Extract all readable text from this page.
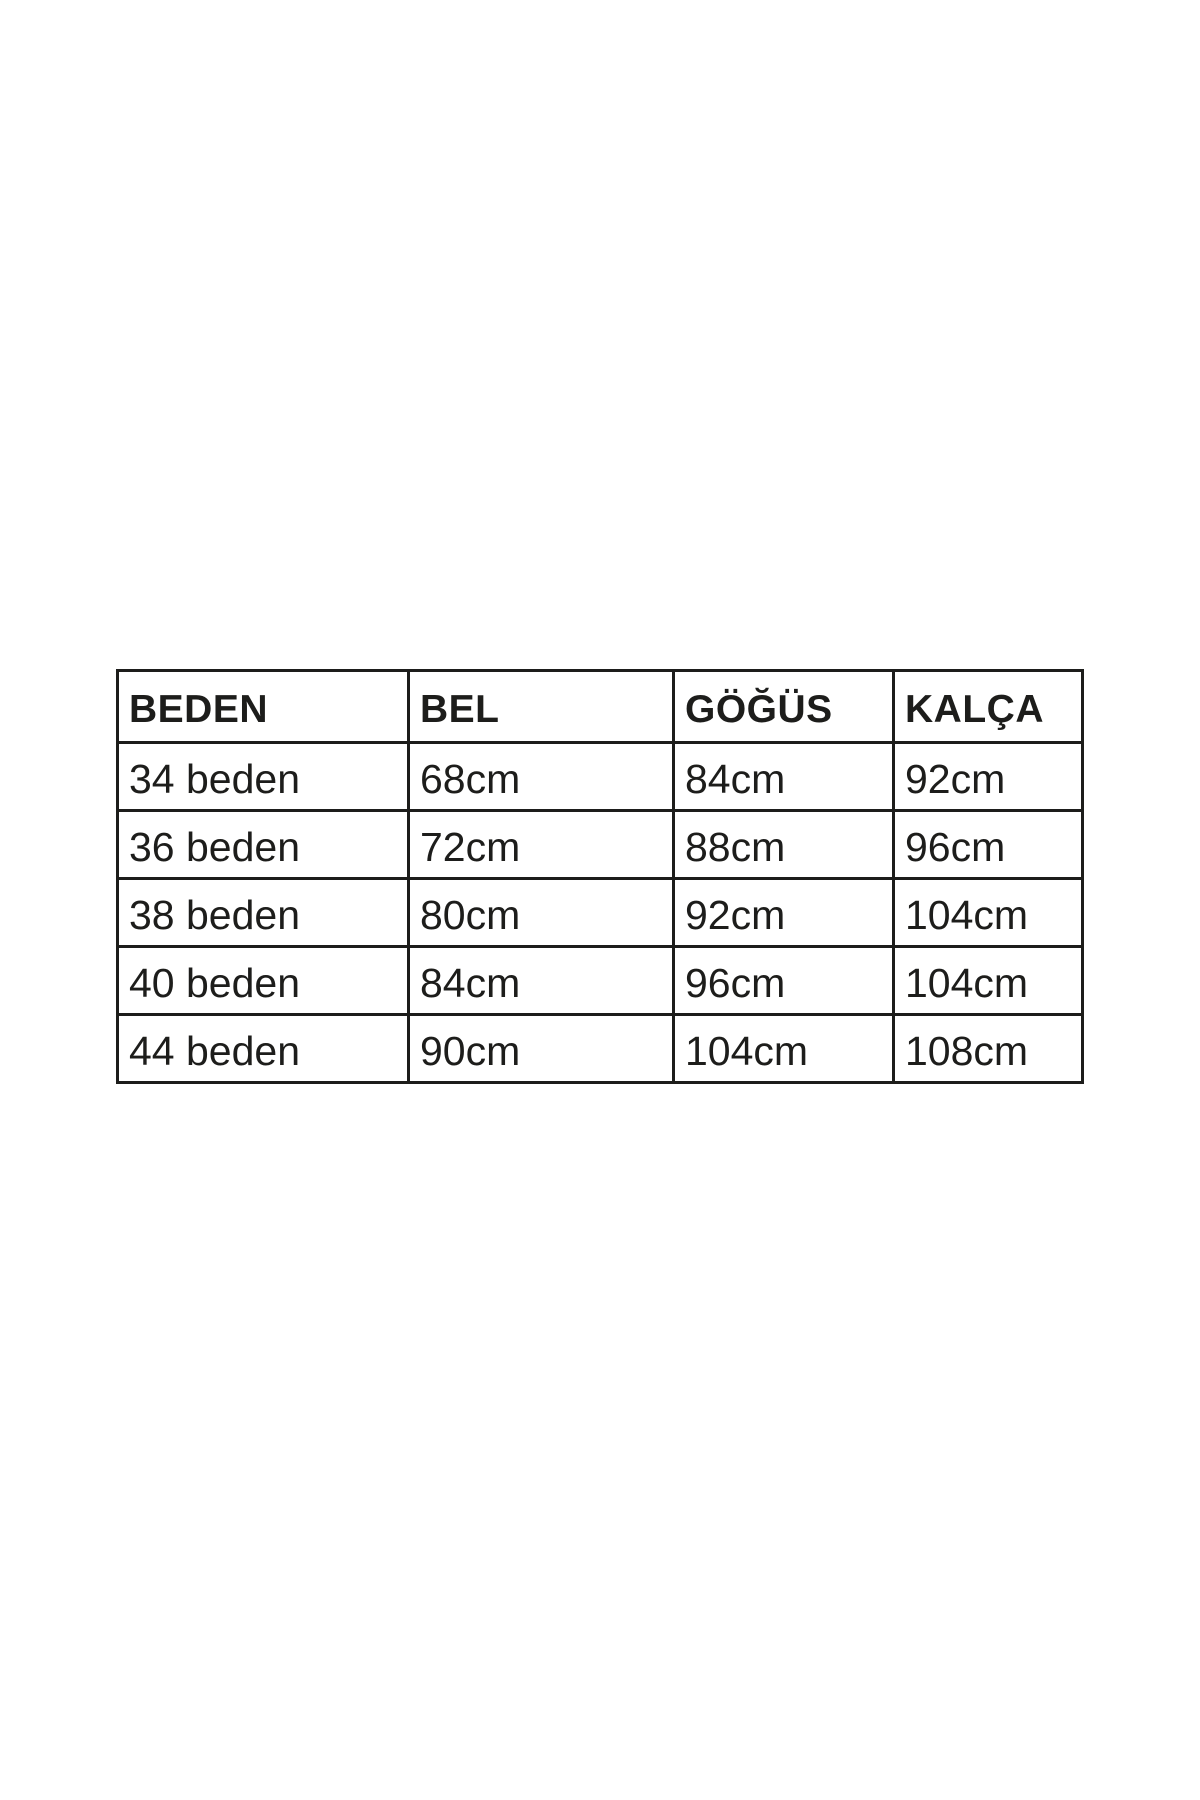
BEDEN	BEL	GÖĞÜS	KALÇA
34 beden	68cm	84cm	92cm
36 beden	72cm	88cm	96cm
38 beden	80cm	92cm	104cm
40 beden	84cm	96cm	104cm
44 beden	90cm	104cm	108cm
